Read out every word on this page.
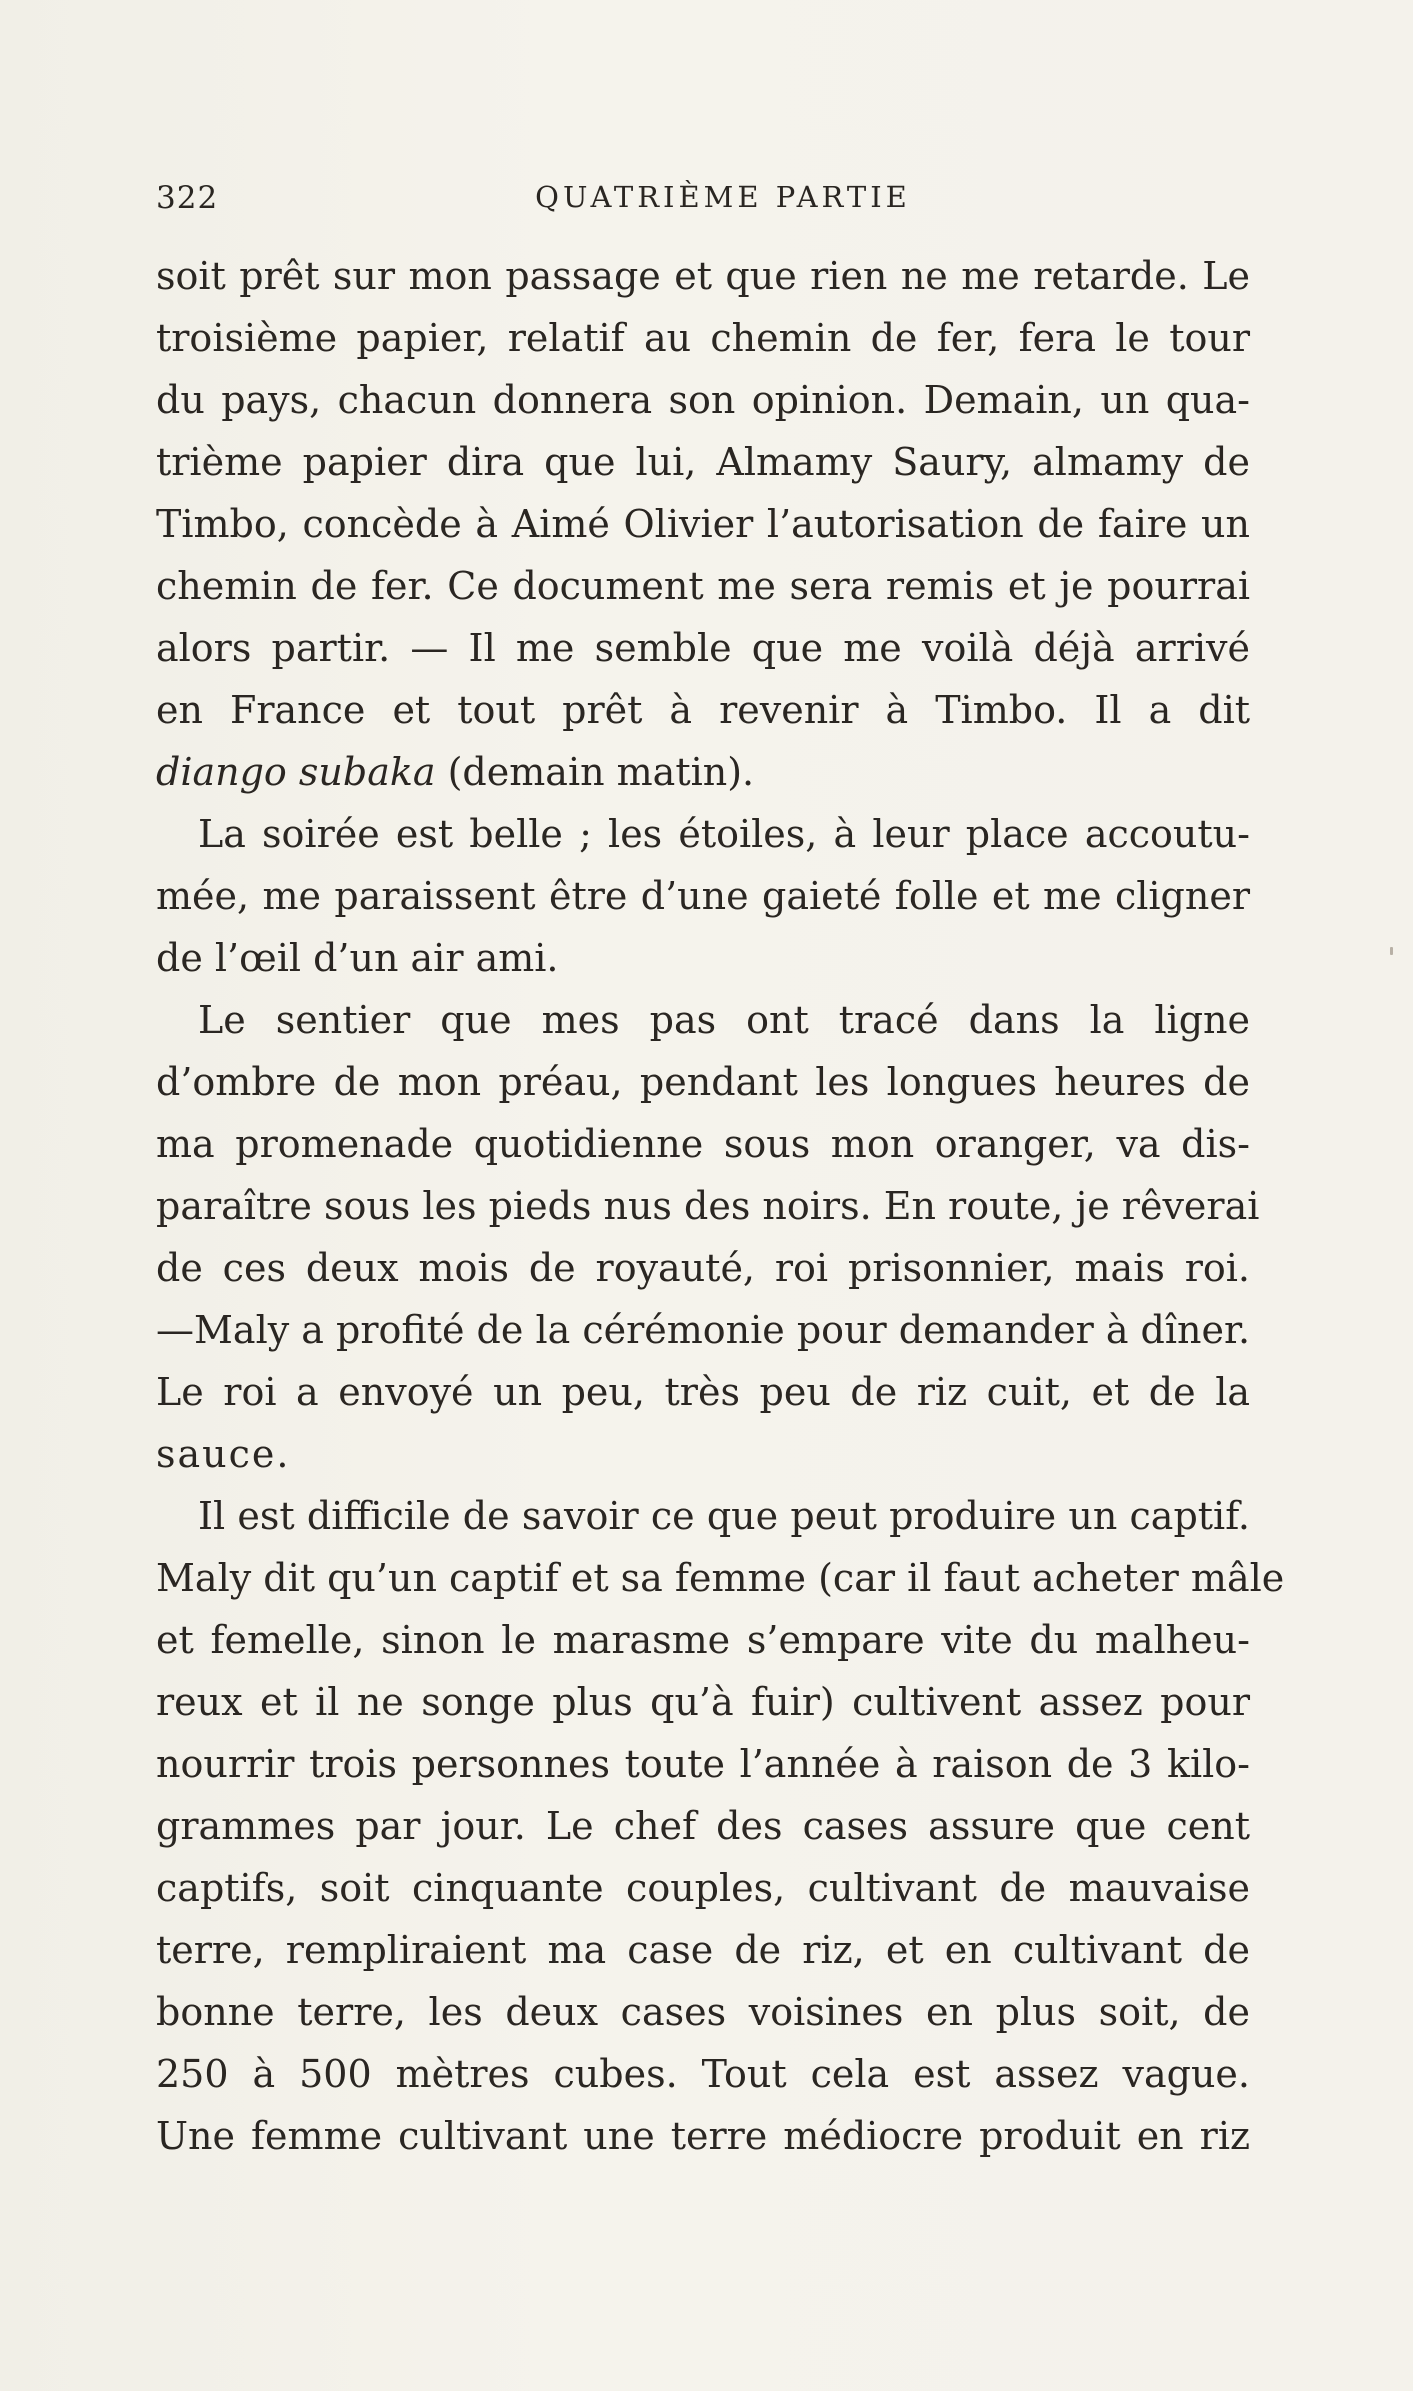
322	QUATRIÈME PARTIE
soit prêt sur mon passage et que rien ne me retarde. Le
troisième papier, relatif au chemin de fer, fera le tour
du pays, chacun donnera son opinion. Demain, un qua-
trième papier dira que lui, Almamy Saury, almamy de
Timbo, concède à Aimé Olivier l’autorisation de faire un
chemin de fer. Ce document me sera remis et je pourrai
alors partir. — Il me semble que me voilà déjà arrivé
en France et tout prêt à revenir à Timbo. Il a dit
diango subaka (demain matin).
La soirée est belle ; les étoiles, à leur place accoutu-
mée, me paraissent être d’une gaieté folle et me cligner
de l’œil d’un air ami.
Le sentier que mes pas ont tracé dans la ligne
d’ombre de mon préau, pendant les longues heures de
ma promenade quotidienne sous mon oranger, va dis-
paraître sous les pieds nus des noirs. En route, je rêverai
de ces deux mois de royauté, roi prisonnier, mais roi.
—Maly a profité de la cérémonie pour demander à dîner.
Le roi a envoyé un peu, très peu de riz cuit, et de la
sauce.
Il est difficile de savoir ce que peut produire un captif.
Maly dit qu’un captif et sa femme (car il faut acheter mâle
et femelle, sinon le marasme s’empare vite du malheu-
reux et il ne songe plus qu’à fuir) cultivent assez pour
nourrir trois personnes toute l’année à raison de 3 kilo-
grammes par jour. Le chef des cases assure que cent
captifs, soit cinquante couples, cultivant de mauvaise
terre, rempliraient ma case de riz, et en cultivant de
bonne terre, les deux cases voisines en plus soit, de
250 à 500 mètres cubes. Tout cela est assez vague.
Une femme cultivant une terre médiocre produit en riz
